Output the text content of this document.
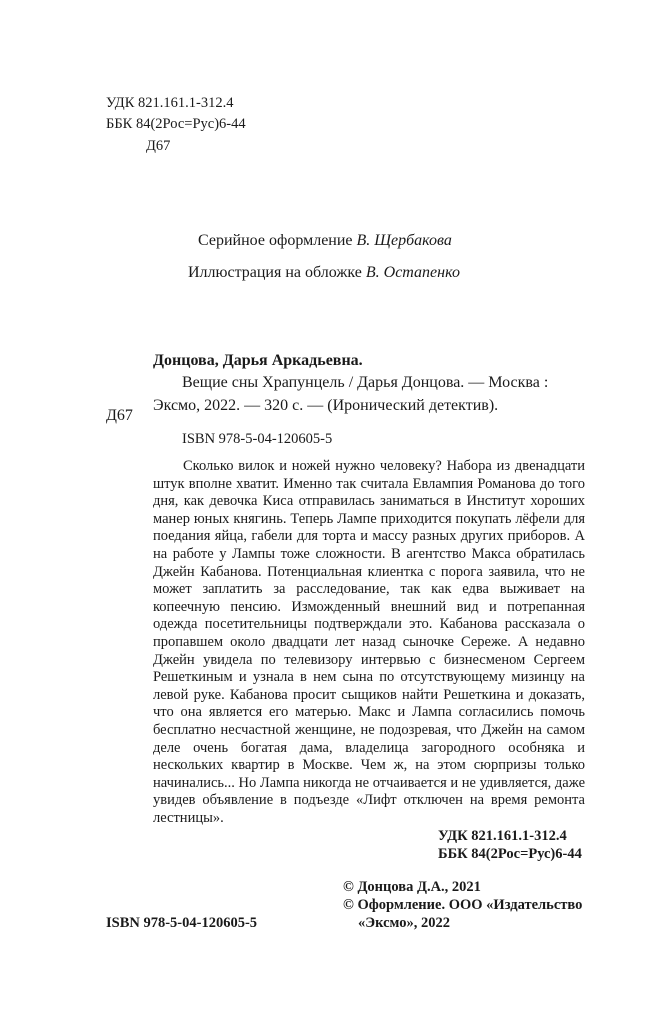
УДК 821.161.1-312.4
ББК 84(2Рос=Рус)6-44
Д67
Серийное оформление В. Щербакова
Иллюстрация на обложке В. Остапенко
Донцова, Дарья Аркадьевна.
Д67
Вещие сны Храпунцель / Дарья Донцова. — Москва :
Эксмо, 2022. — 320 с. — (Иронический детектив).
ISBN 978-5-04-120605-5
Сколько вилок и ножей нужно человеку? Набора из двенадцати штук вполне хватит. Именно так считала Евлампия Романова до того дня, как девочка Киса отправилась заниматься в Институт хороших манер юных княгинь. Теперь Лампе приходится покупать лёфели для поедания яйца, габели для торта и массу разных других приборов. А на работе у Лампы тоже сложности. В агентство Макса обратилась Джейн Кабанова. Потенциальная клиентка с порога заявила, что не может заплатить за расследование, так как едва выживает на копеечную пенсию. Изможденный внешний вид и потрепанная одежда посетительницы подтверждали это. Кабанова рассказала о пропавшем около двадцати лет назад сыночке Сереже. А недавно Джейн увидела по телевизору интервью с бизнесменом Сергеем Решеткиным и узнала в нем сына по отсутствующему мизинцу на левой руке. Кабанова просит сыщиков найти Решеткина и доказать, что она является его матерью. Макс и Лампа согласились помочь бесплатно несчастной женщине, не подозревая, что Джейн на самом деле очень богатая дама, владелица загородного особняка и нескольких квартир в Москве. Чем ж, на этом сюрпризы только начинались... Но Лампа никогда не отчаивается и не удивляется, даже увидев объявление в подъезде «Лифт отключен на время ремонта лестницы».
УДК 821.161.1-312.4
ББК 84(2Рос=Рус)6-44
© Донцова Д.А., 2021
© Оформление. ООО «Издательство
«Эксмо», 2022
ISBN 978-5-04-120605-5
